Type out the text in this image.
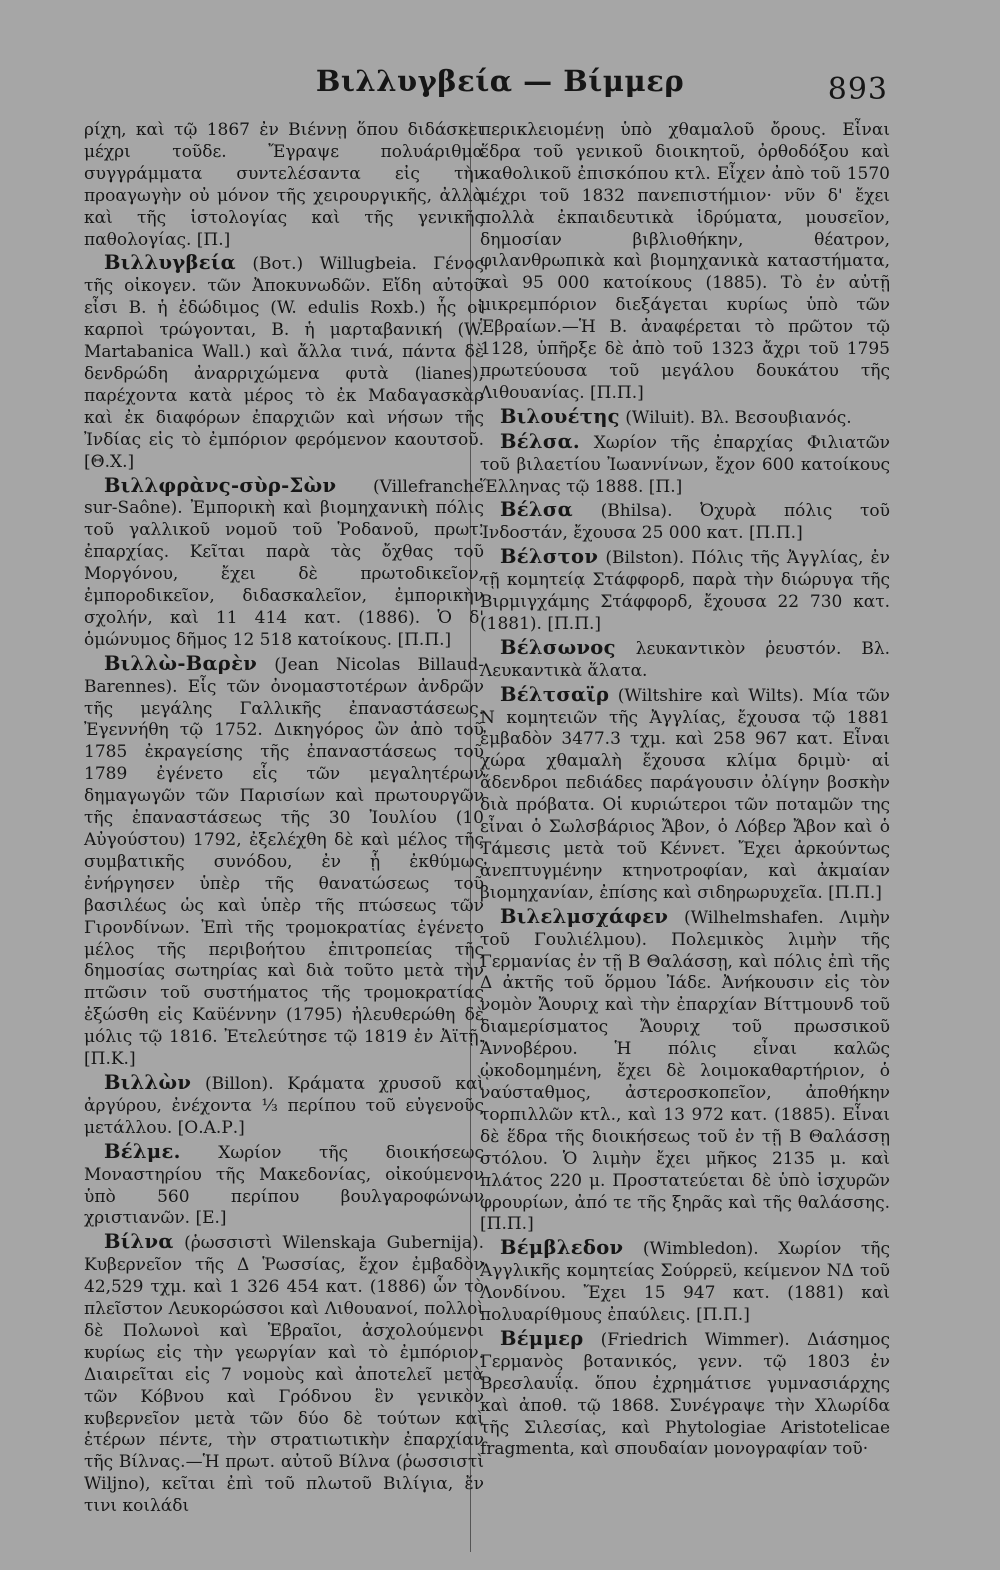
Βιλλυγβεία — Βίμμερ	893

ρίχη, καὶ τῷ 1867 ἐν Βιέννῃ ὅπου διδάσκει μέχρι τοῦδε. Ἔγραψε πολυάριθμα συγγράμματα συντελέσαντα εἰς τὴν προαγωγὴν οὐ μόνον τῆς χειρουργικῆς, ἀλλὰ καὶ τῆς ἱστολογίας καὶ τῆς γενικῆς παθολογίας. [Π.]

Βιλλυγβεία (Βοτ.) Willugbeia. Γένος τῆς οἰκογεν. τῶν Ἀποκυνωδῶν. Εἴδη αὐτοῦ εἶσι Β. ἡ ἐδώδιμος (W. edulis Roxb.) ἧς οἱ καρποὶ τρώγονται, Β. ἡ μαρταβανική (W. Martabanica Wall.) καὶ ἄλλα τινά, πάντα δὲ δενδρώδη ἀναρριχώμενα φυτὰ (lianes), παρέχοντα κατὰ μέρος τὸ ἐκ Μαδαγασκὰρ καὶ ἐκ διαφόρων ἐπαρχιῶν καὶ νήσων τῆς Ἰνδίας εἰς τὸ ἐμπόριον φερόμενον καουτσοῦ. [Θ.Χ.]

Βιλλφρὰνς-σὺρ-Σὼν (Villefranche sur-Saône). Ἐμπορικὴ καὶ βιομηχανικὴ πόλις τοῦ γαλλικοῦ νομοῦ τοῦ Ῥοδανοῦ, πρωτ. ἐπαρχίας. Κεῖται παρὰ τὰς ὄχθας τοῦ Μοργόνου, ἔχει δὲ πρωτοδικεῖον, ἐμποροδικεῖον, διδασκαλεῖον, ἐμπορικὴν σχολήν, καὶ 11 414 κατ. (1886). Ὁ δ' ὁμώνυμος δῆμος 12 518 κατοίκους. [Π.Π.]

Βιλλὼ-Βαρὲν (Jean Nicolas Billaud-Barennes). Εἷς τῶν ὀνομαστοτέρων ἀνδρῶν τῆς μεγάλης Γαλλικῆς ἐπαναστάσεως. Ἐγεννήθη τῷ 1752. Δικηγόρος ὢν ἀπὸ τοῦ 1785 ἐκραγείσης τῆς ἐπαναστάσεως τοῦ 1789 ἐγένετο εἷς τῶν μεγαλητέρων δημαγωγῶν τῶν Παρισίων καὶ πρωτουργῶν τῆς ἐπαναστάσεως τῆς 30 Ἰουλίου (10 Αὐγούστου) 1792, ἐξελέχθη δὲ καὶ μέλος τῆς συμβατικῆς συνόδου, ἐν ᾗ ἐκθύμως ἐνήργησεν ὑπὲρ τῆς θανατώσεως τοῦ βασιλέως ὡς καὶ ὑπὲρ τῆς πτώσεως τῶν Γιρονδίνων. Ἐπὶ τῆς τρομοκρατίας ἐγένετο μέλος τῆς περιβοήτου ἐπιτροπείας τῆς δημοσίας σωτηρίας καὶ διὰ τοῦτο μετὰ τὴν πτῶσιν τοῦ συστήματος τῆς τρομοκρατίας ἐξώσθη εἰς Καϋέννην (1795) ἠλευθερώθη δὲ μόλις τῷ 1816. Ἐτελεύτησε τῷ 1819 ἐν Ἀϊτῇ. [Π.Κ.]

Βιλλὼν (Billon). Κράματα χρυσοῦ καὶ ἀργύρου, ἐνέχοντα ⅓ περίπου τοῦ εὐγενοῦς μετάλλου. [Ο.Α.Ρ.]

Βέλμε. Χωρίον τῆς διοικήσεως Μοναστηρίου τῆς Μακεδονίας, οἰκούμενον ὑπὸ 560 περίπου βουλγαροφώνων χριστιανῶν. [Ε.]

Βίλνα (ῥωσσιστὶ Wilenskaja Gubernija). Κυβερνεῖον τῆς Δ Ῥωσσίας, ἔχον ἐμβαδὸν 42,529 τχμ. καὶ 1 326 454 κατ. (1886) ὧν τὸ πλεῖστον Λευκορώσσοι καὶ Λιθουανοί, πολλοὶ δὲ Πολωνοὶ καὶ Ἑβραῖοι, ἀσχολούμενοι κυρίως εἰς τὴν γεωργίαν καὶ τὸ ἐμπόριον. Διαιρεῖται εἰς 7 νομοὺς καὶ ἀποτελεῖ μετὰ τῶν Κόβνου καὶ Γρόδνου ἓν γενικὸν κυβερνεῖον μετὰ τῶν δύο δὲ τούτων καὶ ἑτέρων πέντε, τὴν στρατιωτικὴν ἐπαρχίαν τῆς Βίλνας.—Ἡ πρωτ. αὐτοῦ Βίλνα (ῥωσσιστὶ Wiljno), κεῖται ἐπὶ τοῦ πλωτοῦ Βιλίγια, ἔν τινι κοιλάδι

περικλειομένῃ ὑπὸ χθαμαλοῦ ὄρους. Εἶναι ἕδρα τοῦ γενικοῦ διοικητοῦ, ὀρθοδόξου καὶ καθολικοῦ ἐπισκόπου κτλ. Εἶχεν ἀπὸ τοῦ 1570 μέχρι τοῦ 1832 πανεπιστήμιον· νῦν δ' ἔχει πολλὰ ἐκπαιδευτικὰ ἱδρύματα, μουσεῖον, δημοσίαν βιβλιοθήκην, θέατρον, φιλανθρωπικὰ καὶ βιομηχανικὰ καταστήματα, καὶ 95 000 κατοίκους (1885). Τὸ ἐν αὐτῇ μικρεμπόριον διεξάγεται κυρίως ὑπὸ τῶν Ἑβραίων.—Ἡ Β. ἀναφέρεται τὸ πρῶτον τῷ 1128, ὑπῆρξε δὲ ἀπὸ τοῦ 1323 ἄχρι τοῦ 1795 πρωτεύουσα τοῦ μεγάλου δουκάτου τῆς Λιθουανίας. [Π.Π.]

Βιλουέτης (Wiluit). Βλ. Βεσουβιανός.

Βέλσα. Χωρίον τῆς ἐπαρχίας Φιλιατῶν τοῦ βιλαετίου Ἰωαννίνων, ἔχον 600 κατοίκους Ἕλληνας τῷ 1888. [Π.]

Βέλσα (Bhilsa). Ὀχυρὰ πόλις τοῦ Ἰνδοστάν, ἔχουσα 25 000 κατ. [Π.Π.]

Βέλστον (Bilston). Πόλις τῆς Ἀγγλίας, ἐν τῇ κομητείᾳ Στάφφορδ, παρὰ τὴν διώρυγα τῆς Βιρμιγχάμης Στάφφορδ, ἔχουσα 22 730 κατ. (1881). [Π.Π.]

Βέλσωνος λευκαντικὸν ῥευστόν. Βλ. Λευκαντικὰ ἅλατα.

Βέλτσαϊρ (Wiltshire καὶ Wilts). Μία τῶν Ν κομητειῶν τῆς Ἀγγλίας, ἔχουσα τῷ 1881 ἐμβαδὸν 3477.3 τχμ. καὶ 258 967 κατ. Εἶναι χώρα χθαμαλὴ ἔχουσα κλίμα δριμὺ· αἱ ἄδενδροι πεδιάδες παράγουσιν ὀλίγην βοσκὴν διὰ πρόβατα. Οἱ κυριώτεροι τῶν ποταμῶν της εἶναι ὁ Σωλσβάριος Ἄβον, ὁ Λόβερ Ἄβον καὶ ὁ Τάμεσις μετὰ τοῦ Κέννετ. Ἔχει ἀρκούντως ἀνεπτυγμένην κτηνοτροφίαν, καὶ ἀκμαίαν βιομηχανίαν, ἐπίσης καὶ σιδηρωρυχεῖα. [Π.Π.]

Βιλελμσχάφεν (Wilhelmshafen. Λιμὴν τοῦ Γουλιέλμου). Πολεμικὸς λιμὴν τῆς Γερμανίας ἐν τῇ Β Θαλάσσῃ, καὶ πόλις ἐπὶ τῆς Δ ἀκτῆς τοῦ ὅρμου Ἰάδε. Ἀνήκουσιν εἰς τὸν νομὸν Ἄουριχ καὶ τὴν ἐπαρχίαν Βίττμουνδ τοῦ διαμερίσματος Ἄουριχ τοῦ πρωσσικοῦ Ἀννοβέρου. Ἡ πόλις εἶναι καλῶς ᾠκοδομημένη, ἔχει δὲ λοιμοκαθαρτήριον, ὁ ναύσταθμος, ἀστεροσκοπεῖον, ἀποθήκην τορπιλλῶν κτλ., καὶ 13 972 κατ. (1885). Εἶναι δὲ ἕδρα τῆς διοικήσεως τοῦ ἐν τῇ Β Θαλάσσῃ στόλου. Ὁ λιμὴν ἔχει μῆκος 2135 μ. καὶ πλάτος 220 μ. Προστατεύεται δὲ ὑπὸ ἰσχυρῶν φρουρίων, ἀπό τε τῆς ξηρᾶς καὶ τῆς θαλάσσης. [Π.Π.]

Βέμβλεδον (Wimbledon). Χωρίον τῆς Ἀγγλικῆς κομητείας Σούρρεϋ, κείμενον ΝΔ τοῦ Λονδίνου. Ἔχει 15 947 κατ. (1881) καὶ πολυαρίθμους ἐπαύλεις. [Π.Π.]

Βέμμερ (Friedrich Wimmer). Διάσημος Γερμανὸς βοτανικός, γενν. τῷ 1803 ἐν Βρεσλαυΐᾳ. ὅπου ἐχρημάτισε γυμνασιάρχης καὶ ἀποθ. τῷ 1868. Συνέγραψε τὴν Χλωρίδα τῆς Σιλεσίας, καὶ Phytologiae Aristotelicae fragmenta, καὶ σπουδαίαν μονογραφίαν τοῦ·
